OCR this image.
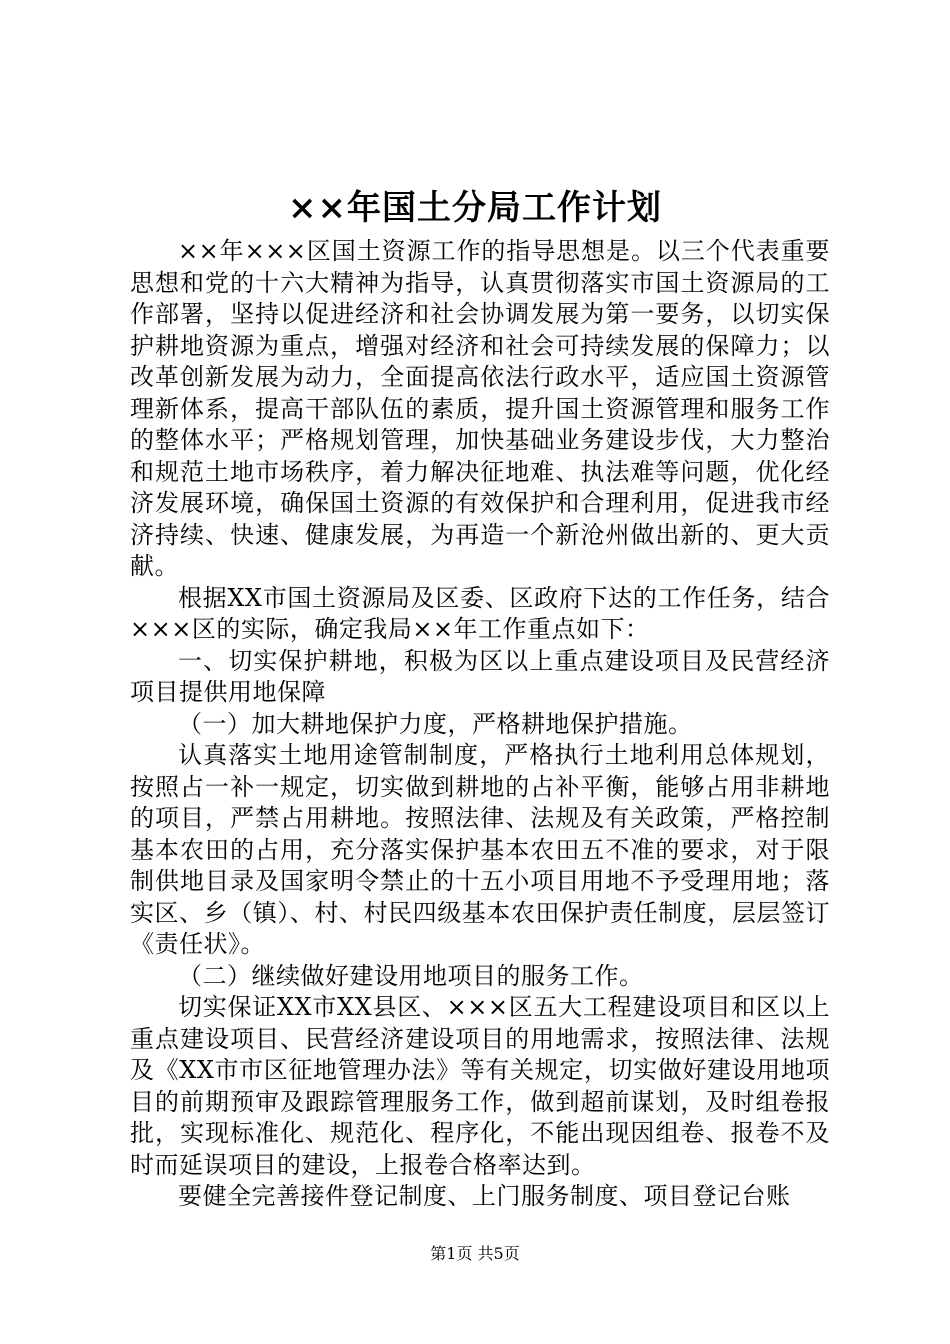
××年国土分局工作计划

××年×××区国土资源工作的指导思想是。以三个代表重要思想和党的十六大精神为指导，认真贯彻落实市国土资源局的工作部署，坚持以促进经济和社会协调发展为第一要务，以切实保护耕地资源为重点，增强对经济和社会可持续发展的保障力；以改革创新发展为动力，全面提高依法行政水平，适应国土资源管理新体系，提高干部队伍的素质，提升国土资源管理和服务工作的整体水平；严格规划管理，加快基础业务建设步伐，大力整治和规范土地市场秩序，着力解决征地难、执法难等问题，优化经济发展环境，确保国土资源的有效保护和合理利用，促进我市经济持续、快速、健康发展，为再造一个新沧州做出新的、更大贡献。

根据XX市国土资源局及区委、区政府下达的工作任务，结合×××区的实际，确定我局××年工作重点如下：

一、切实保护耕地，积极为区以上重点建设项目及民营经济项目提供用地保障

（一）加大耕地保护力度，严格耕地保护措施。

认真落实土地用途管制制度，严格执行土地利用总体规划，按照占一补一规定，切实做到耕地的占补平衡，能够占用非耕地的项目，严禁占用耕地。按照法律、法规及有关政策，严格控制基本农田的占用，充分落实保护基本农田五不准的要求，对于限制供地目录及国家明令禁止的十五小项目用地不予受理用地；落实区、乡（镇）、村、村民四级基本农田保护责任制度，层层签订《责任状》。

（二）继续做好建设用地项目的服务工作。

切实保证XX市XX县区、×××区五大工程建设项目和区以上重点建设项目、民营经济建设项目的用地需求，按照法律、法规及《XX市市区征地管理办法》等有关规定，切实做好建设用地项目的前期预审及跟踪管理服务工作，做到超前谋划，及时组卷报批，实现标准化、规范化、程序化，不能出现因组卷、报卷不及时而延误项目的建设，上报卷合格率达到。

要健全完善接件登记制度、上门服务制度、项目登记台账

第1页 共5页
